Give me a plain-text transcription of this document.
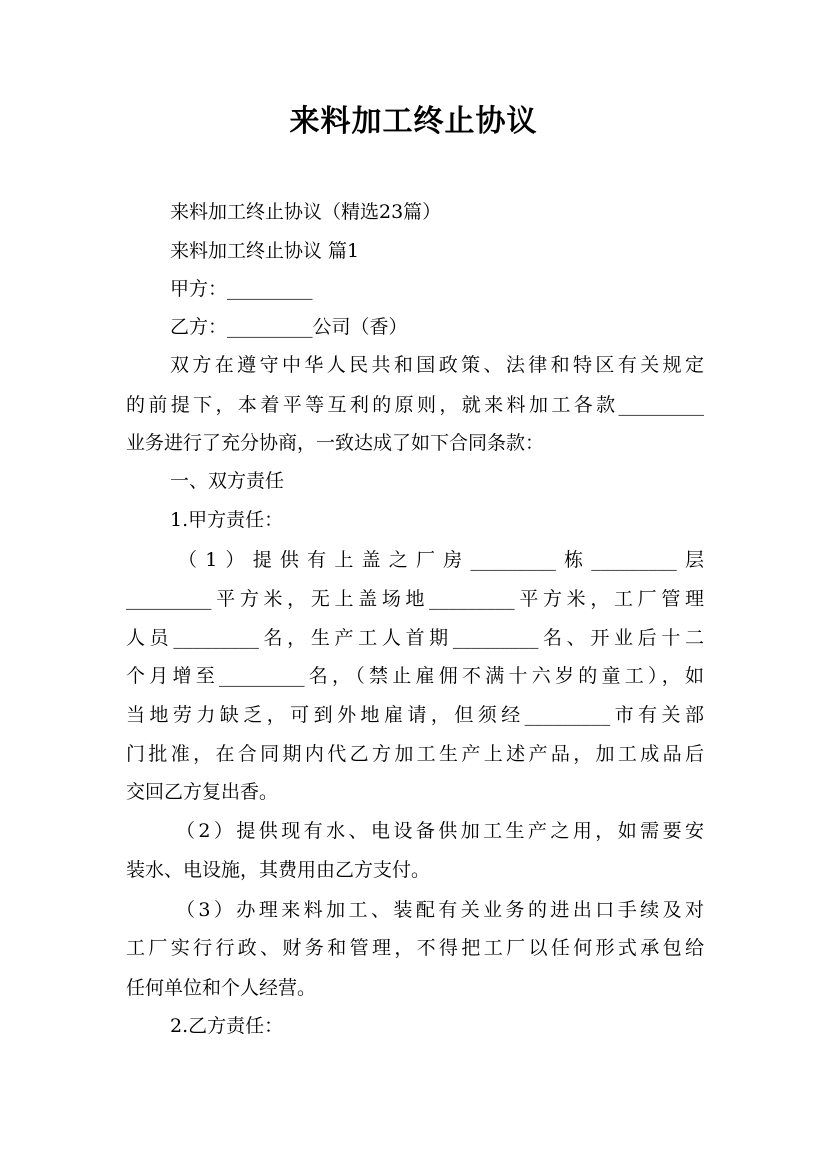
来料加工终止协议
来料加工终止协议（精选23篇）
来料加工终止协议 篇1
甲方：_________
乙方：_________公司（香）
双方在遵守中华人民共和国政策、法律和特区有关规定
的前提下，本着平等互利的原则，就来料加工各款_________
业务进行了充分协商，一致达成了如下合同条款：
一、双方责任
1.甲方责任：
（1）提供有上盖之厂房_________栋_________层
_________平方米，无上盖场地_________平方米，工厂管理
人员_________名，生产工人首期_________名、开业后十二
个月增至_________名，（禁止雇佣不满十六岁的童工），如
当地劳力缺乏，可到外地雇请，但须经_________市有关部
门批准，在合同期内代乙方加工生产上述产品，加工成品后
交回乙方复出香。
（2）提供现有水、电设备供加工生产之用，如需要安
装水、电设施，其费用由乙方支付。
（3）办理来料加工、装配有关业务的进出口手续及对
工厂实行行政、财务和管理，不得把工厂以任何形式承包给
任何单位和个人经营。
2.乙方责任：
